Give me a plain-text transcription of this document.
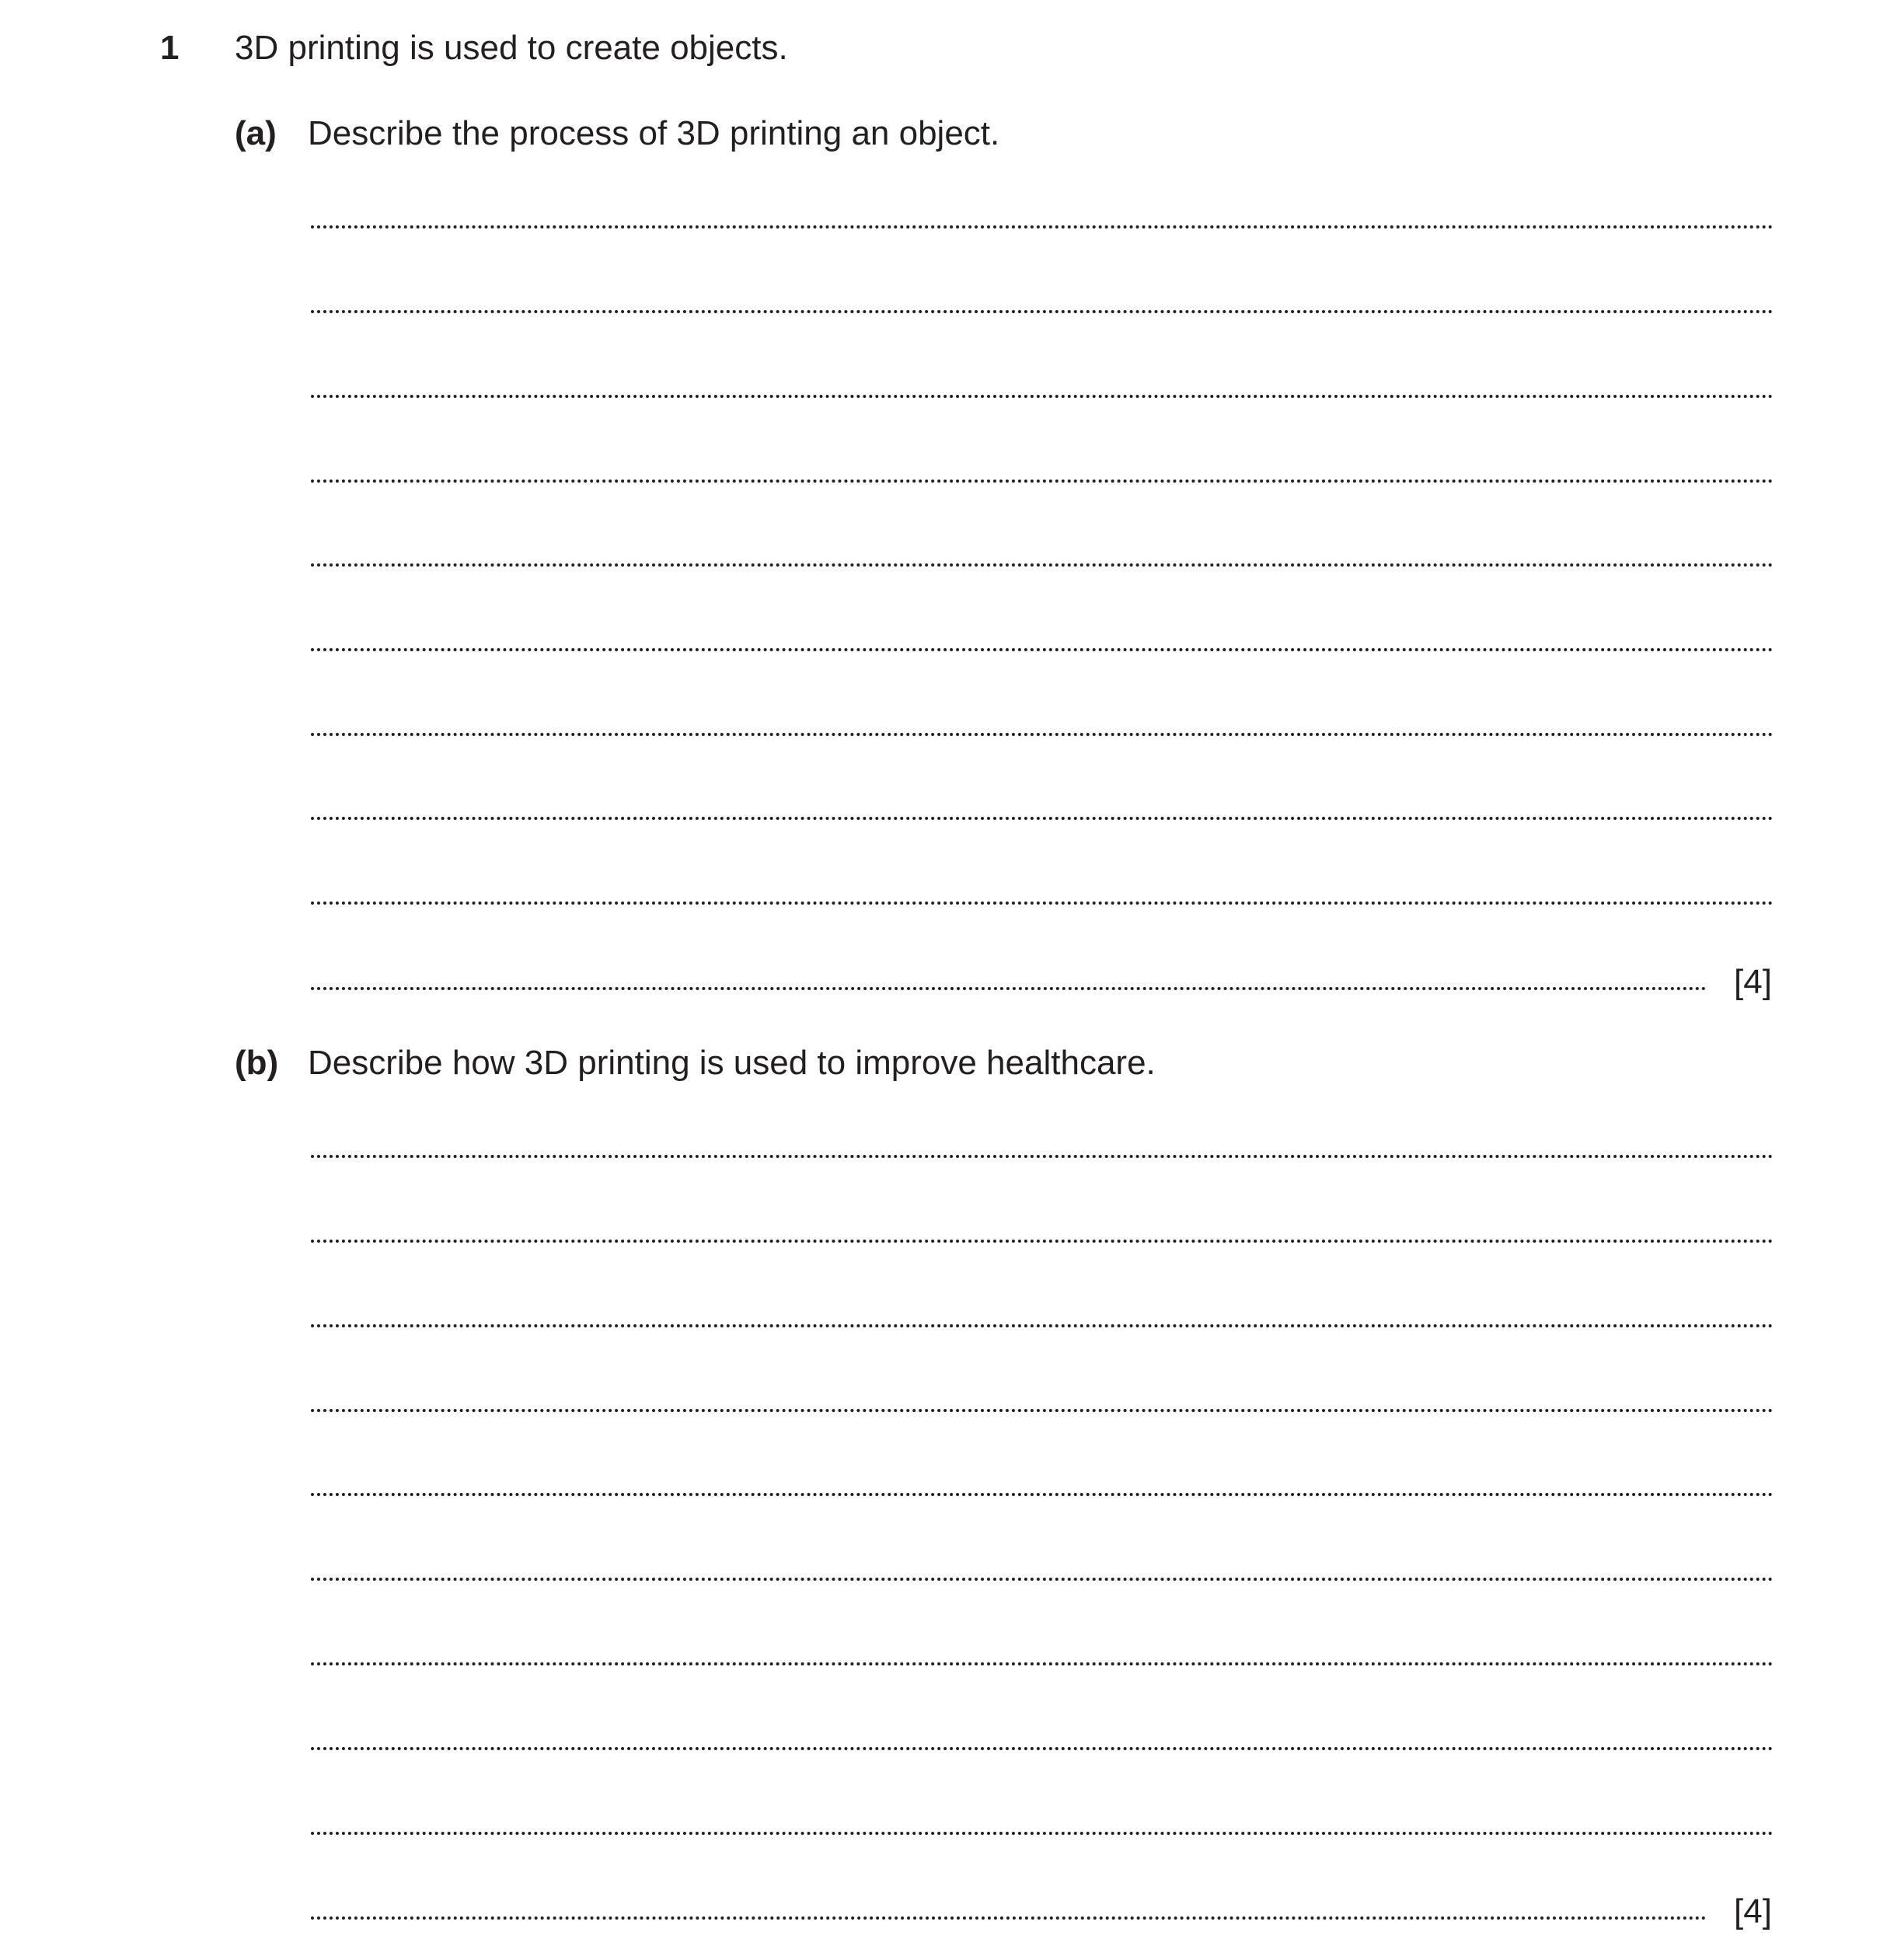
1 3D printing is used to create objects.
(a) Describe the process of 3D printing an object.
[4]
(b) Describe how 3D printing is used to improve healthcare.
[4]
